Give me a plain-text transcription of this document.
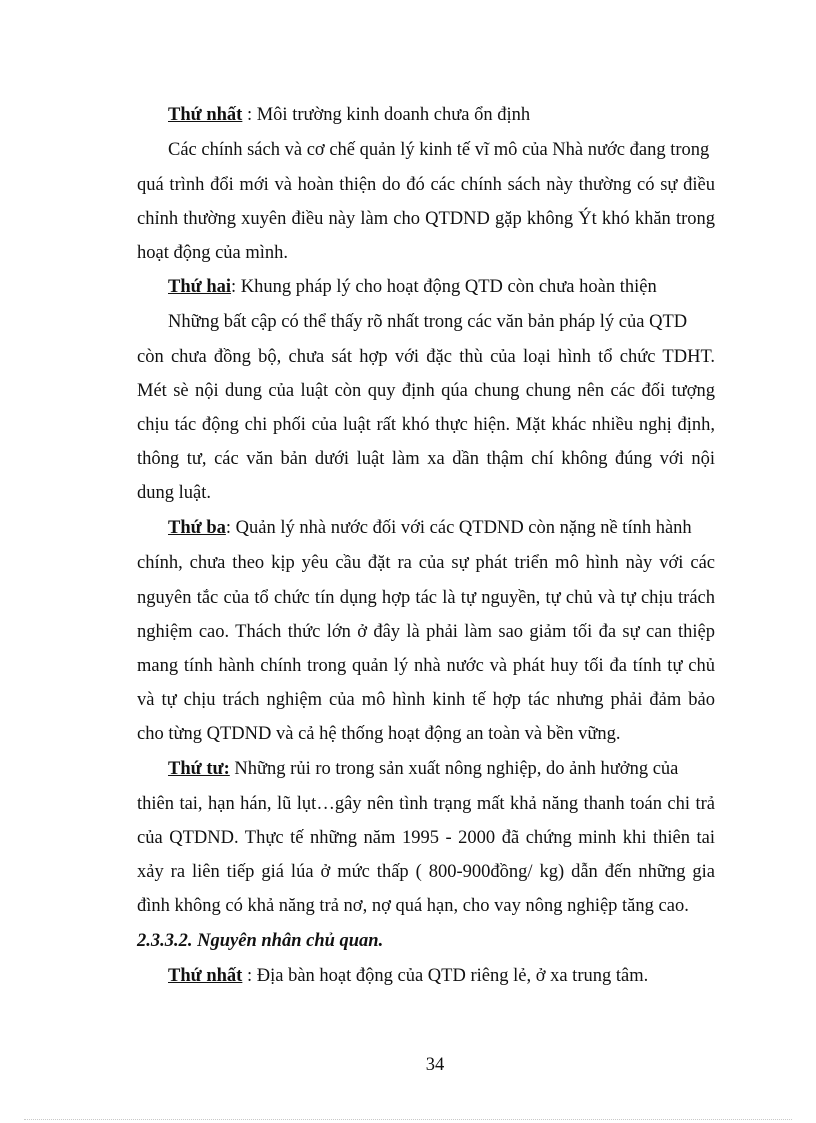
Thứ nhất : Môi trường kinh doanh chưa ổn định
Các chính sách và cơ chế quản lý kinh tế vĩ mô của Nhà nước đang trong
quá trình đổi mới và hoàn thiện do đó các chính sách này thường có sự điều
chỉnh thường xuyên điều này làm cho QTDND gặp không Ýt khó khăn trong
hoạt động của mình.
Thứ hai: Khung pháp lý cho hoạt động QTD còn chưa hoàn thiện
Những bất cập có thể thấy rõ nhất trong các văn bản pháp lý của QTD
còn chưa đồng bộ, chưa sát hợp với đặc thù của loại hình tổ chức TDHT.
Mét sè nội dung của luật còn quy định qúa chung chung nên các đối tượng
chịu tác động chi phối của luật rất khó thực hiện. Mặt khác nhiều nghị định,
thông tư, các văn bản dưới luật làm xa dần thậm chí không đúng với nội
dung luật.
Thứ ba: Quản lý nhà nước đối với các QTDND còn nặng nề tính hành
chính, chưa theo kịp yêu cầu đặt ra của sự phát triển mô hình này với các
nguyên tắc của tổ chức tín dụng hợp tác là tự nguyền, tự chủ và tự chịu trách
nghiệm cao. Thách thức lớn ở đây là phải làm sao giảm tối đa sự can thiệp
mang tính hành chính trong quản lý nhà nước và phát huy tối đa tính tự chủ
và tự chịu trách nghiệm của mô hình kinh tế hợp tác nhưng phải đảm bảo
cho từng QTDND và cả hệ thống hoạt động an toàn và bền vững.
Thứ tư: Những rủi ro trong sản xuất nông nghiệp, do ảnh hưởng của
thiên tai, hạn hán, lũ lụt…gây nên tình trạng mất khả năng thanh toán chi trả
của QTDND. Thực tế những năm 1995 - 2000 đã chứng minh khi thiên tai
xảy ra liên tiếp giá lúa ở mức thấp ( 800-900đồng/ kg) dẫn đến những gia
đình không có khả năng trả nơ, nợ quá hạn, cho vay nông nghiệp tăng cao.
2.3.3.2. Nguyên nhân chủ quan.
Thứ nhất : Địa bàn hoạt động của QTD riêng lẻ, ở xa trung tâm.
34
